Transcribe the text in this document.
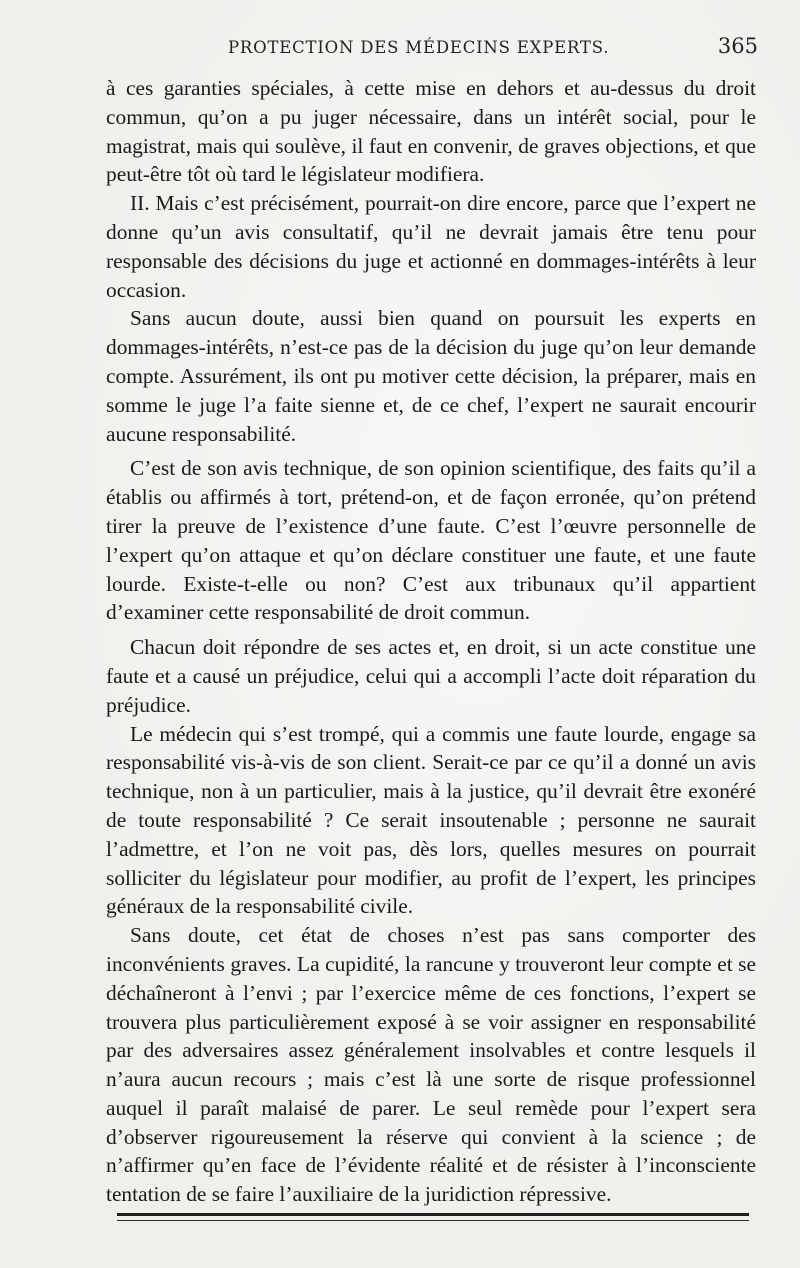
PROTECTION DES MÉDECINS EXPERTS.	365

à ces garanties spéciales, à cette mise en dehors et au-dessus du droit commun, qu’on a pu juger nécessaire, dans un intérêt social, pour le magistrat, mais qui soulève, il faut en convenir, de graves objections, et que peut-être tôt où tard le législateur modifiera.

II. Mais c’est précisément, pourrait-on dire encore, parce que l’expert ne donne qu’un avis consultatif, qu’il ne devrait jamais être tenu pour responsable des décisions du juge et actionné en dommages-intérêts à leur occasion.

Sans aucun doute, aussi bien quand on poursuit les experts en dommages-intérêts, n’est-ce pas de la décision du juge qu’on leur demande compte. Assurément, ils ont pu motiver cette décision, la préparer, mais en somme le juge l’a faite sienne et, de ce chef, l’expert ne saurait encourir aucune responsabilité.

C’est de son avis technique, de son opinion scientifique, des faits qu’il a établis ou affirmés à tort, prétend-on, et de façon erronée, qu’on prétend tirer la preuve de l’existence d’une faute. C’est l’œuvre personnelle de l’expert qu’on attaque et qu’on déclare constituer une faute, et une faute lourde. Existe-t-elle ou non? C’est aux tribunaux qu’il appartient d’examiner cette responsabilité de droit commun.

Chacun doit répondre de ses actes et, en droit, si un acte constitue une faute et a causé un préjudice, celui qui a accompli l’acte doit réparation du préjudice.

Le médecin qui s’est trompé, qui a commis une faute lourde, engage sa responsabilité vis-à-vis de son client. Serait-ce par ce qu’il a donné un avis technique, non à un particulier, mais à la justice, qu’il devrait être exonéré de toute responsabilité ? Ce serait insoutenable ; personne ne saurait l’admettre, et l’on ne voit pas, dès lors, quelles mesures on pourrait solliciter du législateur pour modifier, au profit de l’expert, les principes généraux de la responsabilité civile.

Sans doute, cet état de choses n’est pas sans comporter des inconvénients graves. La cupidité, la rancune y trouveront leur compte et se déchaîneront à l’envi ; par l’exercice même de ces fonctions, l’expert se trouvera plus particulièrement exposé à se voir assigner en responsabilité par des adversaires assez généralement insolvables et contre lesquels il n’aura aucun recours ; mais c’est là une sorte de risque professionnel auquel il paraît malaisé de parer. Le seul remède pour l’expert sera d’observer rigoureusement la réserve qui convient à la science ; de n’affirmer qu’en face de l’évidente réalité et de résister à l’inconsciente tentation de se faire l’auxiliaire de la juridiction répressive.
